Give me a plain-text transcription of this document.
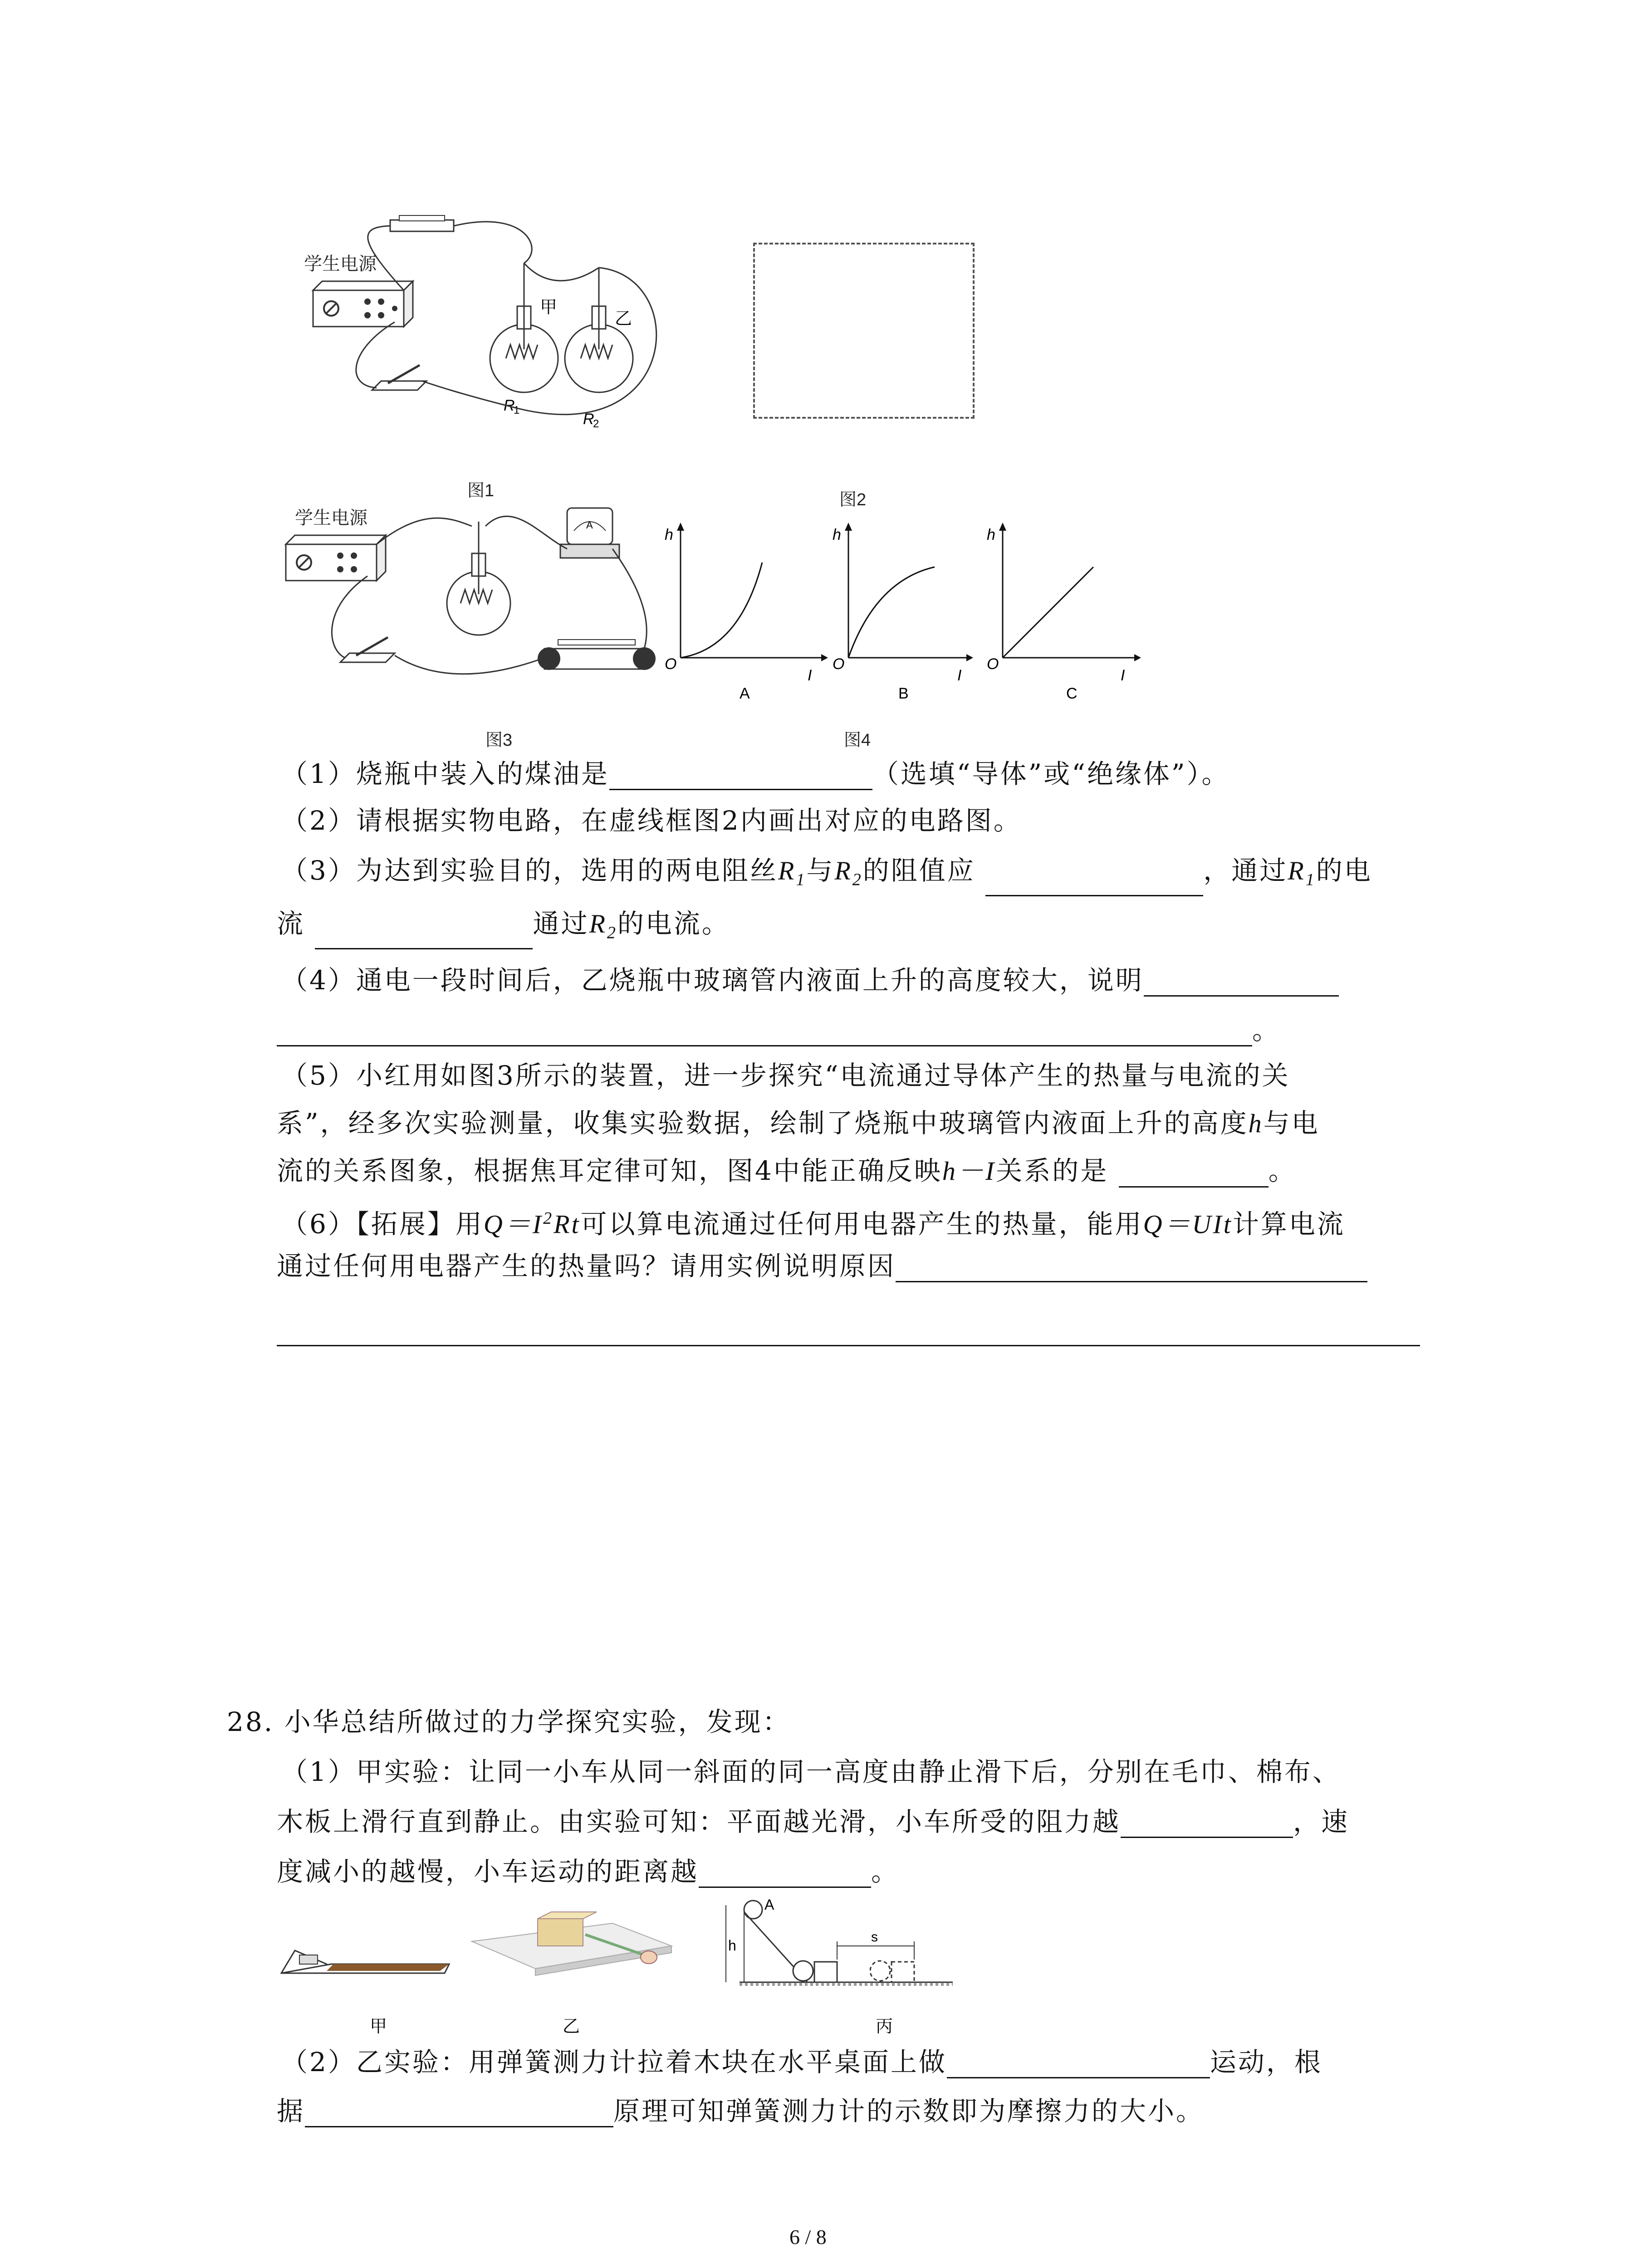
学生电源
甲
R
1
乙
R
2
图1	图2
学生电源	A
h
O
I
A
h
O
I
B
h
O
I
C
图3	图4
（1）烧瓶中装入的煤油是	（选填“导体”或“绝缘体”）。
（2）请根据实物电路，在虚线框图2内画出对应的电路图。
（3）为达到实验目的，选用的两电阻丝$R_1$与$R_2$的阻值应	，通过$R_1$的电
流	通过$R_2$的电流。
（4）通电一段时间后，乙烧瓶中玻璃管内液面上升的高度较大，说明
。
（5）小红用如图3所示的装置，进一步探究“电流通过导体产生的热量与电流的关
系”，经多次实验测量，收集实验数据，绘制了烧瓶中玻璃管内液面上升的高度h与电
流的关系图象，根据焦耳定律可知，图4中能正确反映h－I关系的是	。
（6）【拓展】用$Q=I^2Rt$可以算电流通过任何用电器产生的热量，能用Q＝UIt计算电流
通过任何用电器产生的热量吗？请用实例说明原因
28. 小华总结所做过的力学探究实验，发现：
（1）甲实验：让同一小车从同一斜面的同一高度由静止滑下后，分别在毛巾、棉布、
木板上滑行直到静止。由实验可知：平面越光滑，小车所受的阻力越	，速
度减小的越慢，小车运动的距离越	。
甲	乙
A
h
s
丙
（2）乙实验：用弹簧测力计拉着木块在水平桌面上做	运动，根
据	原理可知弹簧测力计的示数即为摩擦力的大小。
6 / 8
